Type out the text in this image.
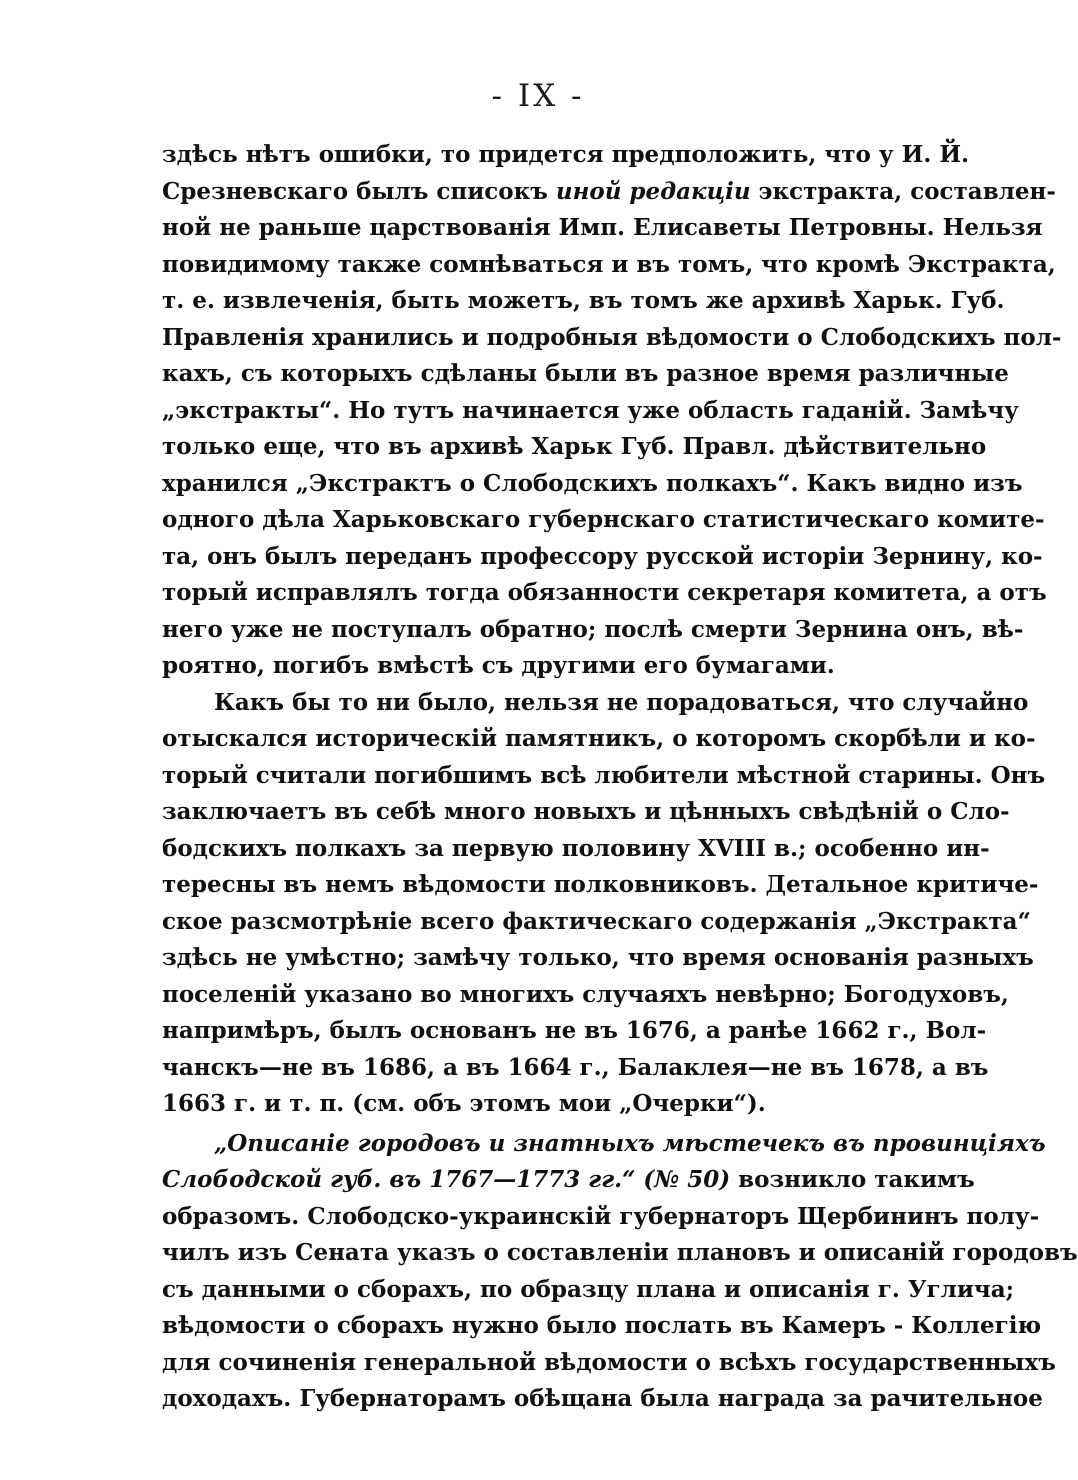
- IX -
здѣсь нѣтъ ошибки, то придется предположить, что у И. Й.
Срезневскаго былъ списокъ иной редакціи экстракта, составлен-
ной не раньше царствованія Имп. Елисаветы Петровны. Нельзя
повидимому также сомнѣваться и въ томъ, что кромѣ Экстракта,
т. е. извлеченія, быть можетъ, въ томъ же архивѣ Харьк. Губ.
Правленія хранились и подробныя вѣдомости о Слободскихъ пол-
кахъ, съ которыхъ сдѣланы были въ разное время различные
„экстракты“. Но тутъ начинается уже область гаданій. Замѣчу
только еще, что въ архивѣ Харьк Губ. Правл. дѣйствительно
хранился „Экстрактъ о Слободскихъ полкахъ“. Какъ видно изъ
одного дѣла Харьковскаго губернскаго статистическаго комите-
та, онъ былъ переданъ профессору русской исторіи Зернину, ко-
торый исправлялъ тогда обязанности секретаря комитета, а отъ
него уже не поступалъ обратно; послѣ смерти Зернина онъ, вѣ-
роятно, погибъ вмѣстѣ съ другими его бумагами.
Какъ бы то ни было, нельзя не порадоваться, что случайно
отыскался историческій памятникъ, о которомъ скорбѣли и ко-
торый считали погибшимъ всѣ любители мѣстной старины. Онъ
заключаетъ въ себѣ много новыхъ и цѣнныхъ свѣдѣній о Сло-
бодскихъ полкахъ за первую половину XVIII в.; особенно ин-
тересны въ немъ вѣдомости полковниковъ. Детальное критиче-
ское разсмотрѣніе всего фактическаго содержанія „Экстракта“
здѣсь не умѣстно; замѣчу только, что время основанія разныхъ
поселеній указано во многихъ случаяхъ невѣрно; Богодуховъ,
напримѣръ, былъ основанъ не въ 1676, а ранѣе 1662 г., Вол-
чанскъ—не въ 1686, а въ 1664 г., Балаклея—не въ 1678, а въ
1663 г. и т. п. (см. объ этомъ мои „Очерки“).
„Описаніе городовъ и знатныхъ мѣстечекъ въ провинціяхъ
Слободской губ. въ 1767—1773 гг.“ (№ 50) возникло такимъ
образомъ. Слободско-украинскій губернаторъ Щербининъ полу-
чилъ изъ Сената указъ о составленіи плановъ и описаній городовъ
съ данными о сборахъ, по образцу плана и описанія г. Углича;
вѣдомости о сборахъ нужно было послать въ Камеръ - Коллегію
для сочиненія генеральной вѣдомости о всѣхъ государственныхъ
доходахъ. Губернаторамъ обѣщана была награда за рачительное
